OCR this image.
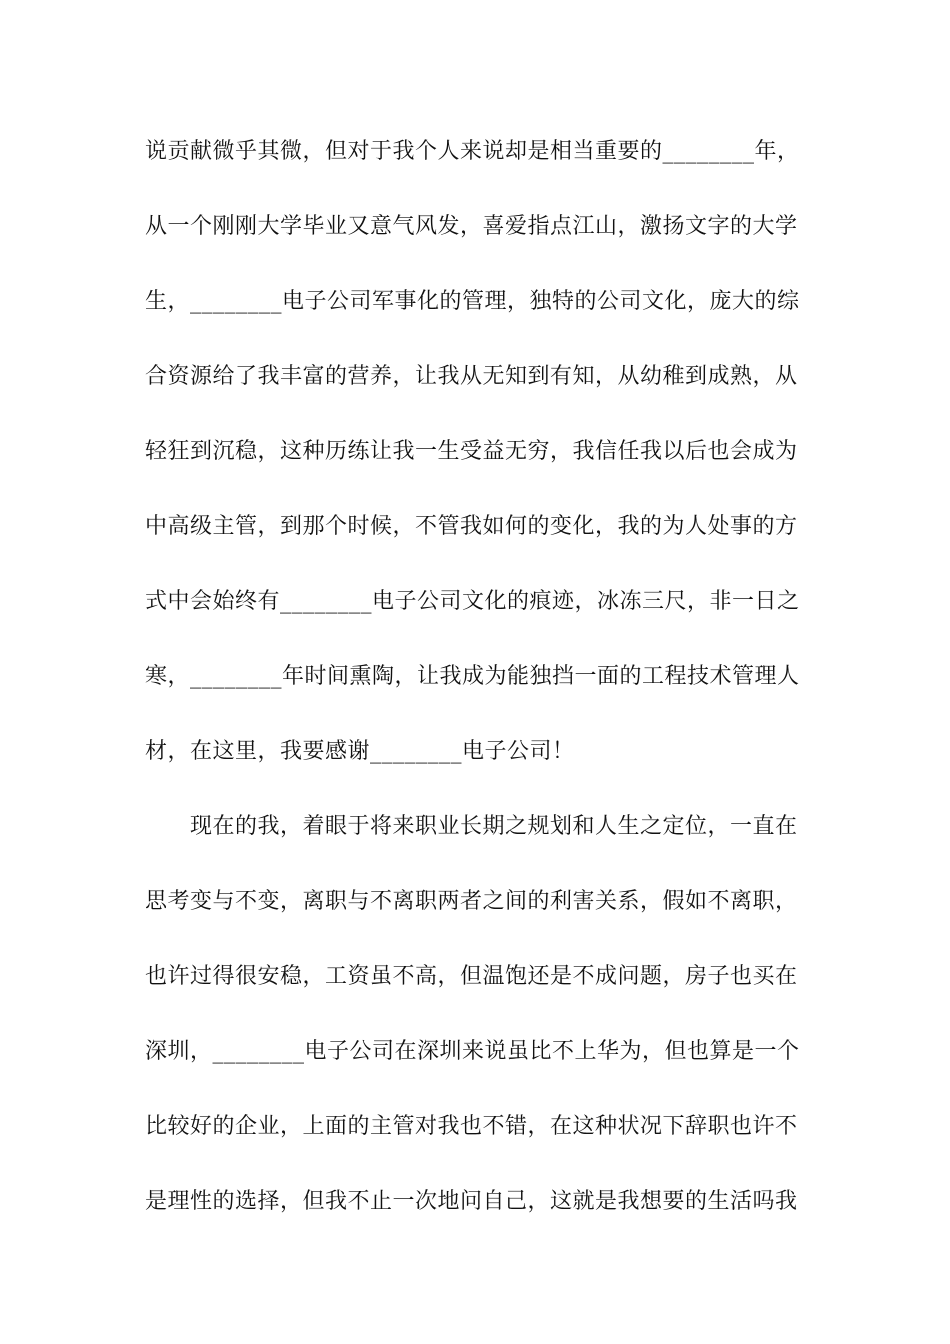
说贡献微乎其微，但对于我个人来说却是相当重要的________年，
从一个刚刚大学毕业又意气风发，喜爱指点江山，激扬文字的大学
生，________电子公司军事化的管理，独特的公司文化，庞大的综
合资源给了我丰富的营养，让我从无知到有知，从幼稚到成熟，从
轻狂到沉稳，这种历练让我一生受益无穷，我信任我以后也会成为
中高级主管，到那个时候，不管我如何的变化，我的为人处事的方
式中会始终有________电子公司文化的痕迹，冰冻三尺，非一日之
寒，________年时间熏陶，让我成为能独挡一面的工程技术管理人
材，在这里，我要感谢________电子公司！
现在的我，着眼于将来职业长期之规划和人生之定位，一直在
思考变与不变，离职与不离职两者之间的利害关系，假如不离职，
也许过得很安稳，工资虽不高，但温饱还是不成问题，房子也买在
深圳，________电子公司在深圳来说虽比不上华为，但也算是一个
比较好的企业，上面的主管对我也不错，在这种状况下辞职也许不
是理性的选择，但我不止一次地问自己，这就是我想要的生活吗我
